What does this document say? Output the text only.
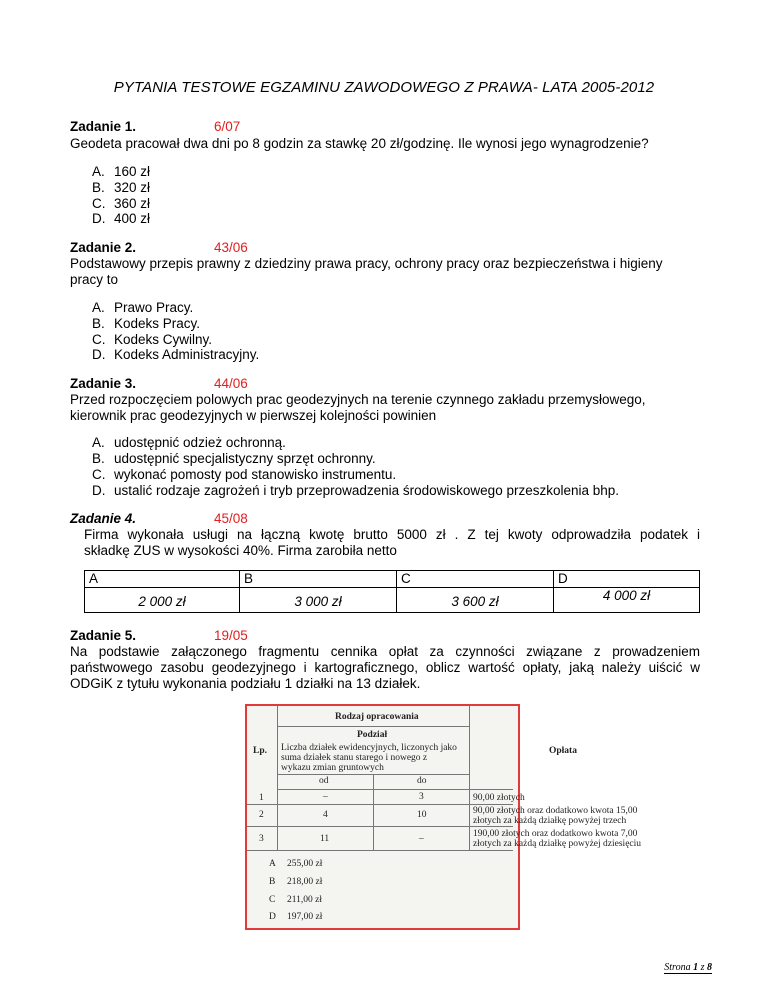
PYTANIA TESTOWE EGZAMINU ZAWODOWEGO Z PRAWA- LATA 2005-2012
Zadanie 1.	6/07
Geodeta pracował dwa dni po 8 godzin za stawkę 20 zł/godzinę. Ile wynosi jego wynagrodzenie?
A. 160 zł
B. 320 zł
C. 360 zł
D. 400 zł
Zadanie 2.	43/06
Podstawowy przepis prawny z dziedziny prawa pracy, ochrony pracy oraz bezpieczeństwa i higieny
pracy to
A. Prawo Pracy.
B. Kodeks Pracy.
C. Kodeks Cywilny.
D. Kodeks Administracyjny.
Zadanie 3.	44/06
Przed rozpoczęciem polowych prac geodezyjnych na terenie czynnego zakładu przemysłowego,
kierownik prac geodezyjnych w pierwszej kolejności powinien
A. udostępnić odzież ochronną.
B. udostępnić specjalistyczny sprzęt ochronny.
C. wykonać pomosty pod stanowisko instrumentu.
D. ustalić rodzaje zagrożeń i tryb przeprowadzenia środowiskowego przeszkolenia bhp.
Zadanie 4.	45/08
Firma wykonała usługi na łączną kwotę brutto 5000 zł . Z tej kwoty odprowadziła podatek i
składkę ZUS w wysokości 40%. Firma zarobiła netto
A	B	C	D
2 000 zł	3 000 zł	3 600 zł	4 000 zł
Zadanie 5.	19/05
Na podstawie załączonego fragmentu cennika opłat za czynności związane z prowadzeniem
państwowego zasobu geodezyjnego i kartograficznego, oblicz wartość opłaty, jaką należy uiścić w
ODGiK z tytułu wykonania podziału 1 działki na 13 działek.
Rodzaj opracowania
Podział
Lp. Liczba działek ewidencyjnych, liczonych jako
suma działek stanu starego i nowego z
wykazu zmian gruntowych
od	do
Opłata
1	–	3	90,00 złotych
2	4	10	90,00 złotych oraz dodatkowo kwota 15,00
złotych za każdą działkę powyżej trzech
3	11	–	190,00 złotych oraz dodatkowo kwota 7,00
złotych za każdą działkę powyżej dziesięciu
A 255,00 zł
B 218,00 zł
C 211,00 zł
D 197,00 zł
Strona 1 z 8
